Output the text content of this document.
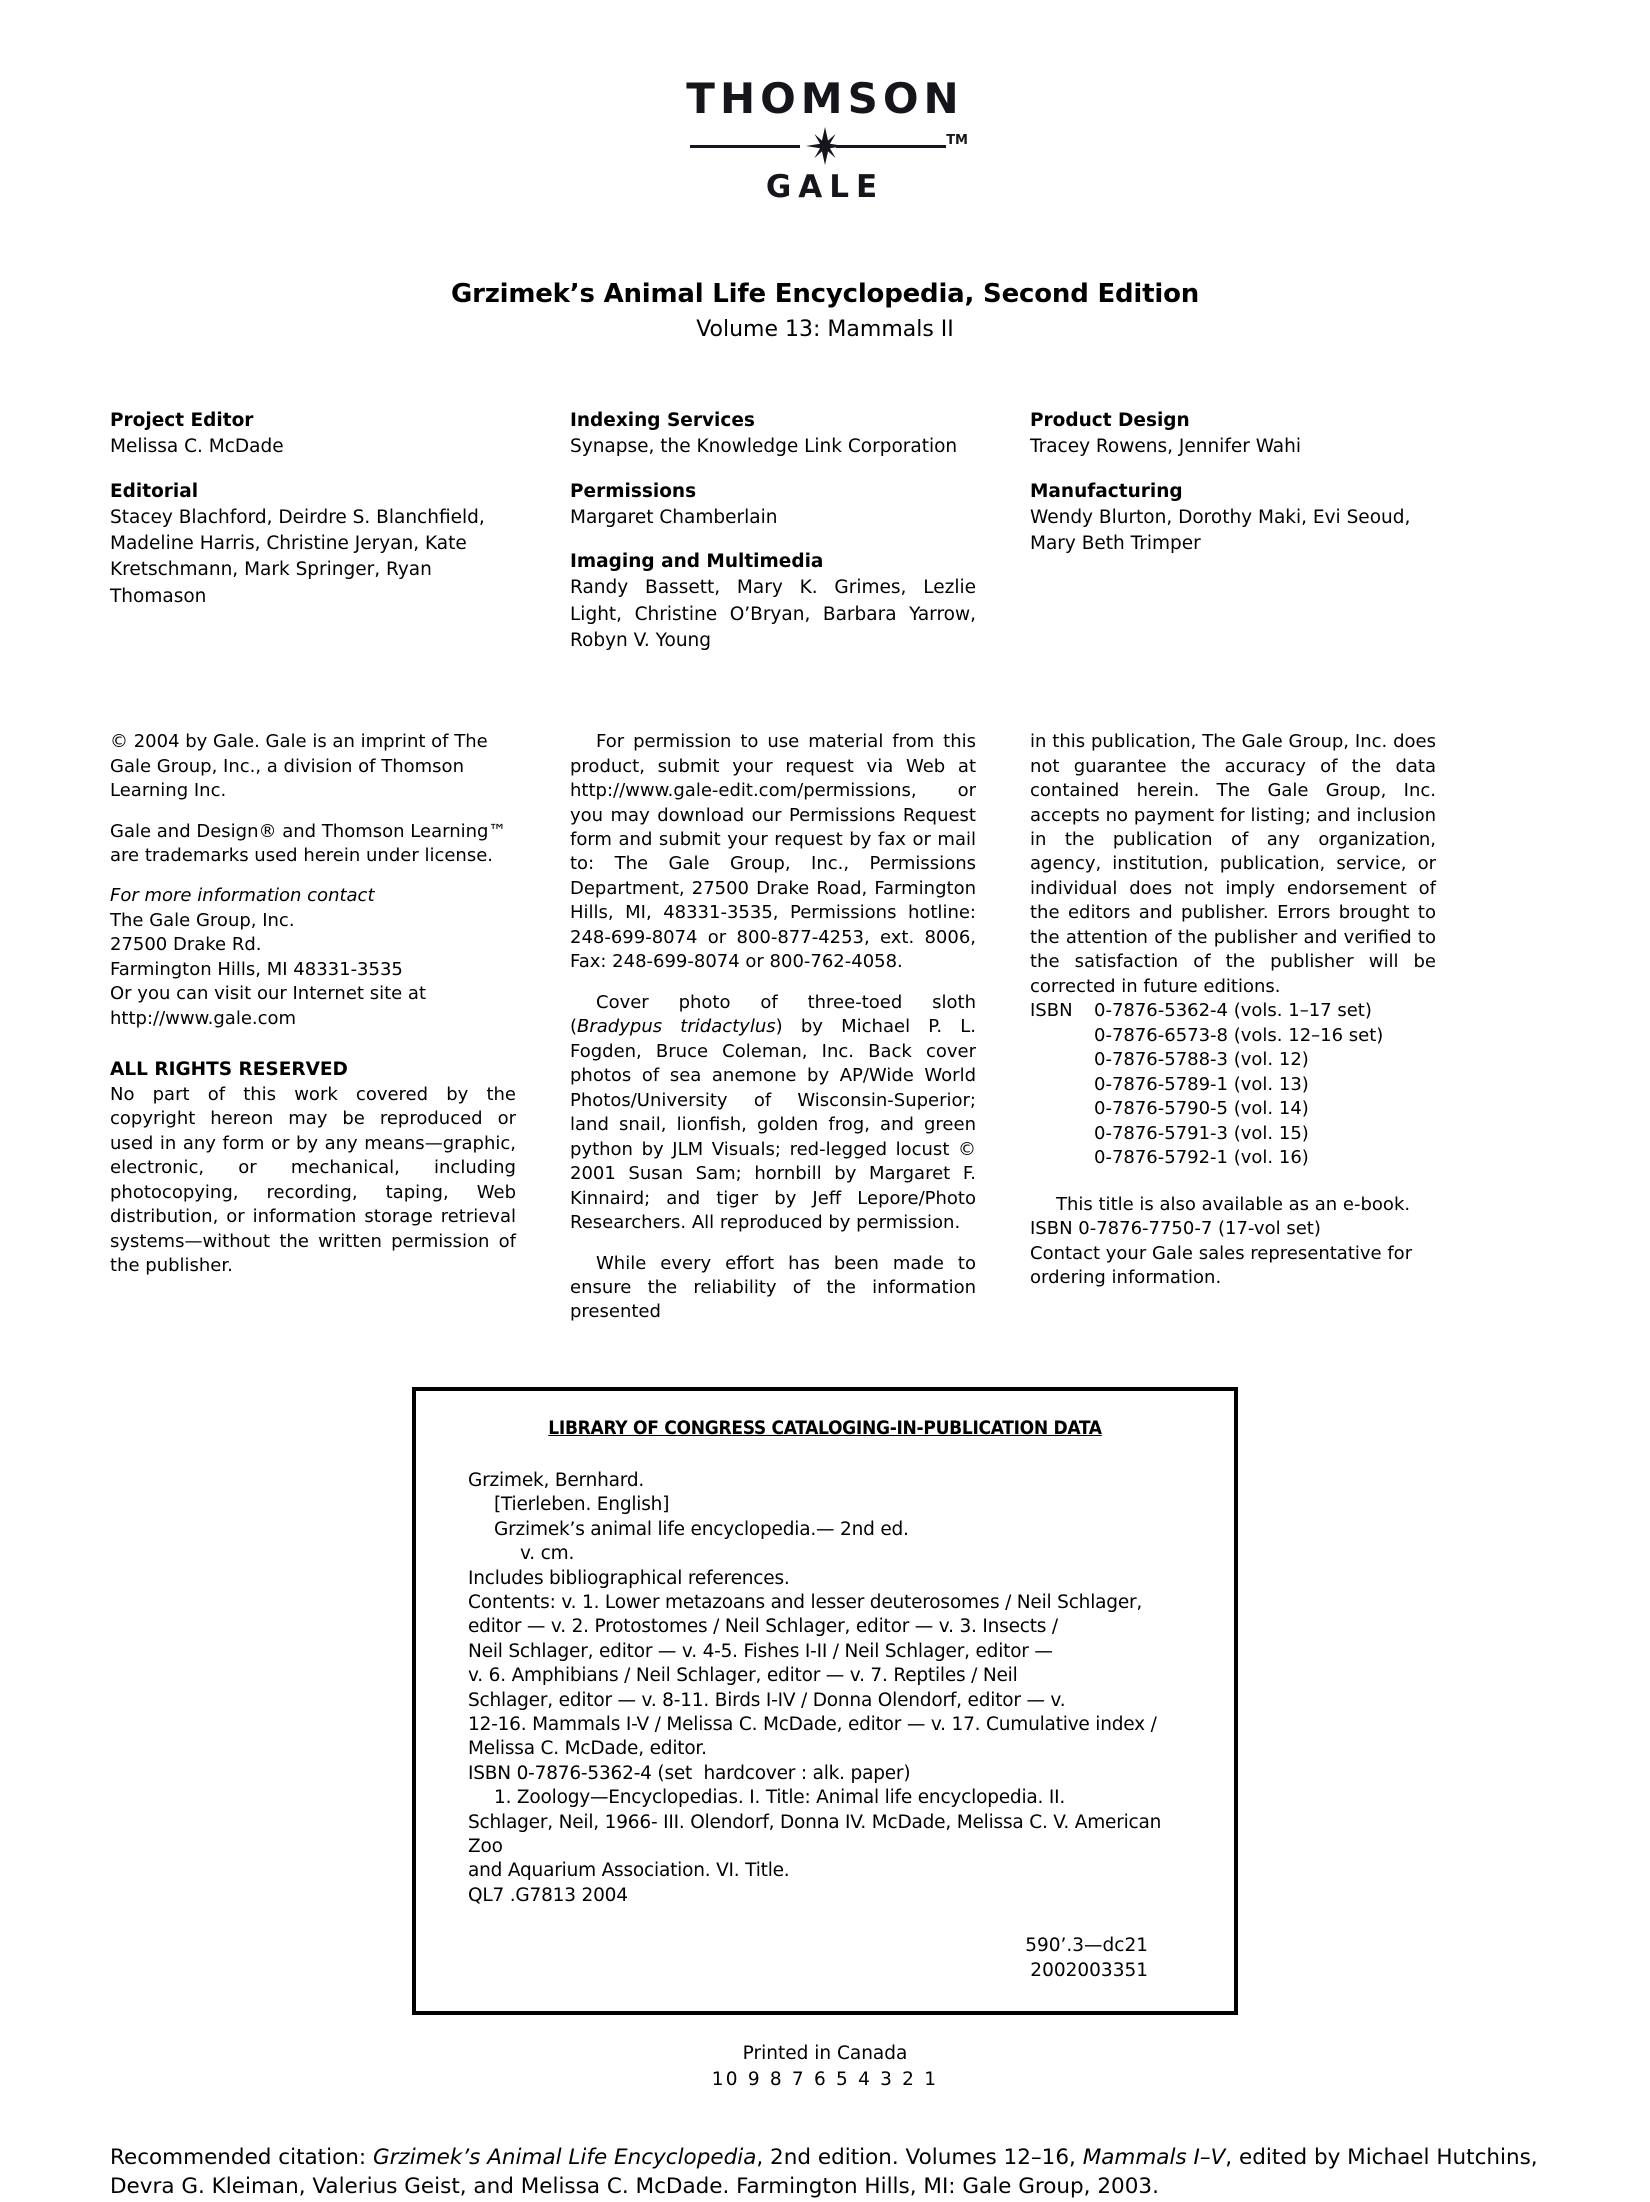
THOMSON
TM
GALE
Grzimek’s Animal Life Encyclopedia, Second Edition
Volume 13: Mammals II
Project Editor
Melissa C. McDade
Editorial
Stacey Blachford, Deirdre S. Blanchfield, Madeline Harris, Christine Jeryan, Kate Kretschmann, Mark Springer, Ryan Thomason
Indexing Services
Synapse, the Knowledge Link Corporation
Permissions
Margaret Chamberlain
Imaging and Multimedia
Randy Bassett, Mary K. Grimes, Lezlie Light, Christine O’Bryan, Barbara Yarrow, Robyn V. Young
Product Design
Tracey Rowens, Jennifer Wahi
Manufacturing
Wendy Blurton, Dorothy Maki, Evi Seoud, Mary Beth Trimper

© 2004 by Gale. Gale is an imprint of The Gale Group, Inc., a division of Thomson Learning Inc.

Gale and Design® and Thomson Learning™ are trademarks used herein under license.

For more information contact

The Gale Group, Inc.
27500 Drake Rd.
Farmington Hills, MI 48331-3535
Or you can visit our Internet site at
http://www.gale.com

ALL RIGHTS RESERVED

No part of this work covered by the copyright hereon may be reproduced or used in any form or by any means—graphic, electronic, or mechanical, including photocopying, recording, taping, Web distribution, or information storage retrieval systems—without the written permission of the publisher.

For permission to use material from this product, submit your request via Web at http://www.gale-edit.com/permissions, or you may download our Permissions Request form and submit your request by fax or mail to: The Gale Group, Inc., Permissions Department, 27500 Drake Road, Farmington Hills, MI, 48331-3535, Permissions hotline: 248-699-8074 or 800-877-4253, ext. 8006, Fax: 248-699-8074 or 800-762-4058.

Cover photo of three-toed sloth (Bradypus tridactylus) by Michael P. L. Fogden, Bruce Coleman, Inc. Back cover photos of sea anemone by AP/Wide World Photos/University of Wisconsin-Superior; land snail, lionfish, golden frog, and green python by JLM Visuals; red-legged locust © 2001 Susan Sam; hornbill by Margaret F. Kinnaird; and tiger by Jeff Lepore/Photo Researchers. All reproduced by permission.

While every effort has been made to ensure the reliability of the information presented

in this publication, The Gale Group, Inc. does not guarantee the accuracy of the data contained herein. The Gale Group, Inc. accepts no payment for listing; and inclusion in the publication of any organization, agency, institution, publication, service, or individual does not imply endorsement of the editors and publisher. Errors brought to the attention of the publisher and verified to the satisfaction of the publisher will be corrected in future editions.

ISBN	0-7876-5362-4 (vols. 1–17 set)
0-7876-6573-8 (vols. 12–16 set)
0-7876-5788-3 (vol. 12)
0-7876-5789-1 (vol. 13)
0-7876-5790-5 (vol. 14)
0-7876-5791-3 (vol. 15)
0-7876-5792-1 (vol. 16)

This title is also available as an e-book.

ISBN 0-7876-7750-7 (17-vol set)

Contact your Gale sales representative for ordering information.

LIBRARY OF CONGRESS CATALOGING-IN-PUBLICATION DATA
Grzimek, Bernhard.
[Tierleben. English]
Grzimek’s animal life encyclopedia.— 2nd ed.
v. cm.
Includes bibliographical references.
Contents: v. 1. Lower metazoans and lesser deuterosomes / Neil Schlager,
editor — v. 2. Protostomes / Neil Schlager, editor — v. 3. Insects /
Neil Schlager, editor — v. 4-5. Fishes I-II / Neil Schlager, editor —
v. 6. Amphibians / Neil Schlager, editor — v. 7. Reptiles / Neil
Schlager, editor — v. 8-11. Birds I-IV / Donna Olendorf, editor — v.
12-16. Mammals I-V / Melissa C. McDade, editor — v. 17. Cumulative index /
Melissa C. McDade, editor.
ISBN 0-7876-5362-4 (set  hardcover : alk. paper)
1. Zoology—Encyclopedias. I. Title: Animal life encyclopedia. II.
Schlager, Neil, 1966- III. Olendorf, Donna IV. McDade, Melissa C. V. American Zoo
and Aquarium Association. VI. Title.
QL7 .G7813 2004
590’.3—dc21
2002003351
Printed in Canada
10 9 8 7 6 5 4 3 2 1
Recommended citation: Grzimek’s Animal Life Encyclopedia, 2nd edition. Volumes 12–16, Mammals I–V, edited by Michael Hutchins, Devra G. Kleiman, Valerius Geist, and Melissa C. McDade. Farmington Hills, MI: Gale Group, 2003.
